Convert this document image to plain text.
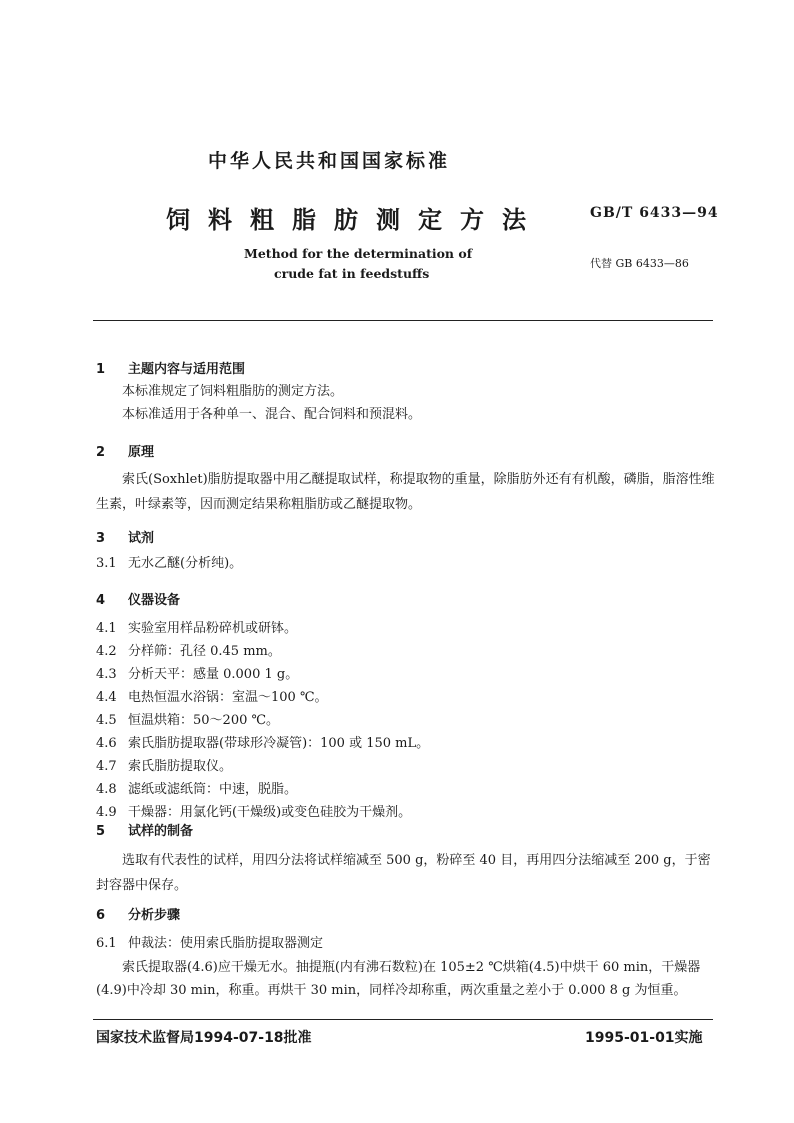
中华人民共和国国家标准
饲料粗脂肪测定方法	GB/T 6433—94
Method for the determination of
crude fat in feedstuffs
代替 GB 6433—86
1 主题内容与适用范围
本标准规定了饲料粗脂肪的测定方法。
本标准适用于各种单一、混合、配合饲料和预混料。
2 原理
索氏(Soxhlet)脂肪提取器中用乙醚提取试样，称提取物的重量，除脂肪外还有有机酸，磷脂，脂溶性维生素，叶绿素等，因而测定结果称粗脂肪或乙醚提取物。
3 试剂
3.1 无水乙醚(分析纯)。
4 仪器设备
4.1 实验室用样品粉碎机或研钵。
4.2 分样筛：孔径 0.45 mm。
4.3 分析天平：感量 0.000 1 g。
4.4 电热恒温水浴锅：室温～100 ℃。
4.5 恒温烘箱：50～200 ℃。
4.6 索氏脂肪提取器(带球形冷凝管)：100 或 150 mL。
4.7 索氏脂肪提取仪。
4.8 滤纸或滤纸筒：中速，脱脂。
4.9 干燥器：用氯化钙(干燥级)或变色硅胶为干燥剂。
5 试样的制备
选取有代表性的试样，用四分法将试样缩减至 500 g，粉碎至 40 目，再用四分法缩减至 200 g，于密封容器中保存。
6 分析步骤
6.1 仲裁法：使用索氏脂肪提取器测定
索氏提取器(4.6)应干燥无水。抽提瓶(内有沸石数粒)在 105±2 ℃烘箱(4.5)中烘干 60 min，干燥器(4.9)中冷却 30 min，称重。再烘干 30 min，同样冷却称重，两次重量之差小于 0.000 8 g 为恒重。
国家技术监督局1994-07-18批准	1995-01-01实施
